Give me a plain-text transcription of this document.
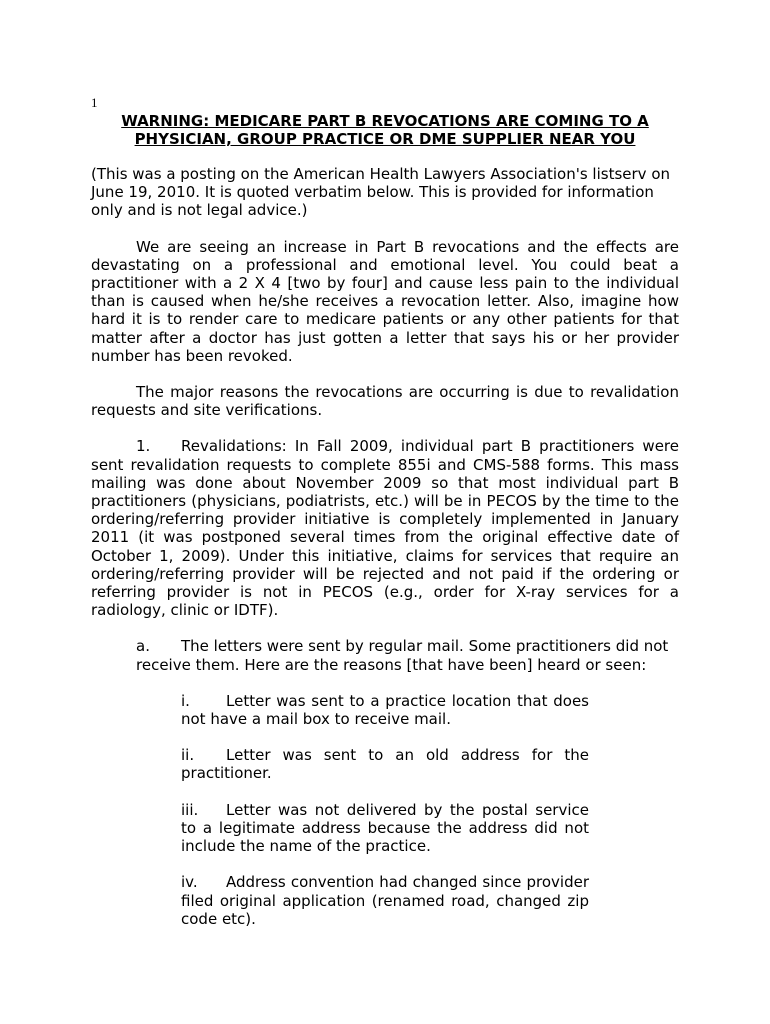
1
WARNING: MEDICARE PART B REVOCATIONS ARE COMING TO A
PHYSICIAN, GROUP PRACTICE OR DME SUPPLIER NEAR YOU

(This was a posting on the American Health Lawyers Association's listserv on June 19, 2010. It is quoted verbatim below. This is provided for information only and is not legal advice.)

We are seeing an increase in Part B revocations and the effects are devastating on a professional and emotional level. You could beat a practitioner with a 2 X 4 [two by four] and cause less pain to the individual than is caused when he/she receives a revocation letter. Also, imagine how hard it is to render care to medicare patients or any other patients for that matter after a doctor has just gotten a letter that says his or her provider number has been revoked.

The major reasons the revocations are occurring is due to revalidation requests and site verifications.

1. Revalidations: In Fall 2009, individual part B practitioners were sent revalidation requests to complete 855i and CMS-588 forms. This mass mailing was done about November 2009 so that most individual part B practitioners (physicians, podiatrists, etc.) will be in PECOS by the time to the ordering/referring provider initiative is completely implemented in January 2011 (it was postponed several times from the original effective date of October 1, 2009). Under this initiative, claims for services that require an ordering/referring provider will be rejected and not paid if the ordering or referring provider is not in PECOS (e.g., order for X-ray services for a radiology, clinic or IDTF).

a. The letters were sent by regular mail. Some practitioners did not receive them. Here are the reasons [that have been] heard or seen:

i. Letter was sent to a practice location that does not have a mail box to receive mail.

ii. Letter was sent to an old address for the practitioner.

iii. Letter was not delivered by the postal service to a legitimate address because the address did not include the name of the practice.

iv. Address convention had changed since provider filed original application (renamed road, changed zip code etc).
